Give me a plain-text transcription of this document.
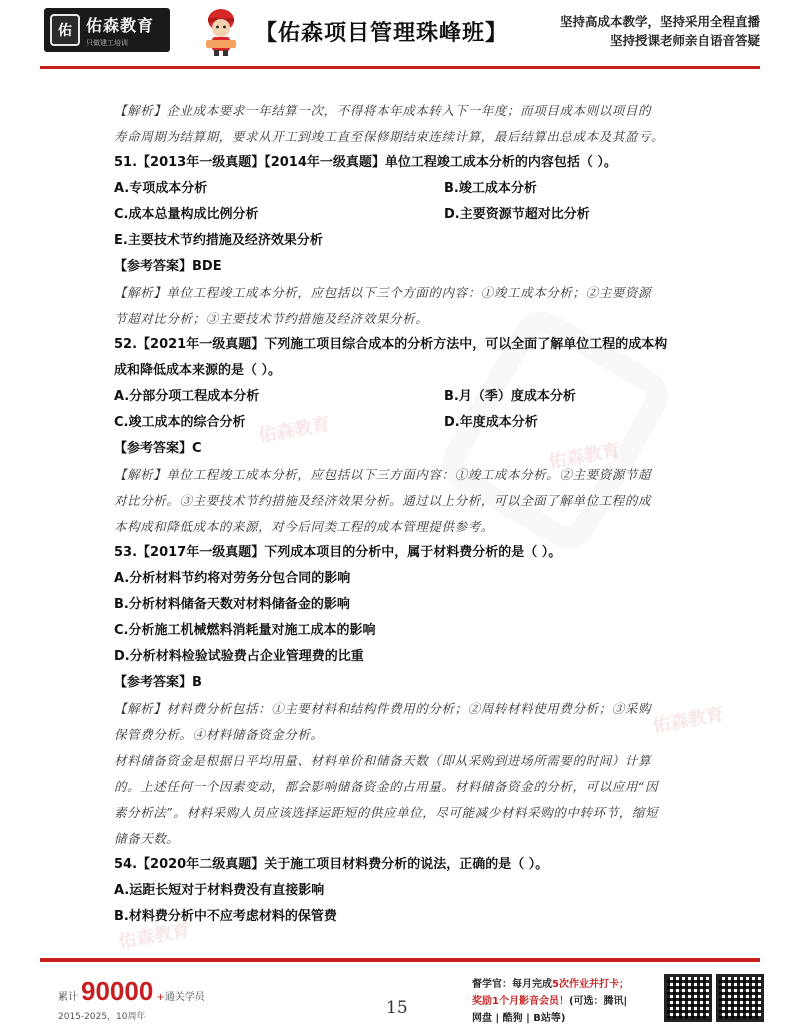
佑 佑森教育
只做建工培训	【佑森项目管理珠峰班】	坚持高成本教学，坚持采用全程直播
坚持授课老师亲自语音答疑
佑森教育
佑森教育
佑森教育
佑森教育
【解析】企业成本要求一年结算一次，不得将本年成本转入下一年度；而项目成本则以项目的
寿命周期为结算期，要求从开工到竣工直至保修期结束连续计算，最后结算出总成本及其盈亏。
51.【2013年一级真题】【2014年一级真题】单位工程竣工成本分析的内容包括（ ）。
A.专项成本分析	B.竣工成本分析
C.成本总量构成比例分析	D.主要资源节超对比分析
E.主要技术节约措施及经济效果分析
【参考答案】BDE
【解析】单位工程竣工成本分析，应包括以下三个方面的内容：①竣工成本分析；②主要资源
节超对比分析；③主要技术节约措施及经济效果分析。
52.【2021年一级真题】下列施工项目综合成本的分析方法中，可以全面了解单位工程的成本构
成和降低成本来源的是（ ）。
A.分部分项工程成本分析	B.月（季）度成本分析
C.竣工成本的综合分析	D.年度成本分析
【参考答案】C
【解析】单位工程竣工成本分析，应包括以下三方面内容：①竣工成本分析。②主要资源节超
对比分析。③主要技术节约措施及经济效果分析。通过以上分析，可以全面了解单位工程的成
本构成和降低成本的来源，对今后同类工程的成本管理提供参考。
53.【2017年一级真题】下列成本项目的分析中，属于材料费分析的是（ ）。
A.分析材料节约将对劳务分包合同的影响
B.分析材料储备天数对材料储备金的影响
C.分析施工机械燃料消耗量对施工成本的影响
D.分析材料检验试验费占企业管理费的比重
【参考答案】B
【解析】材料费分析包括：①主要材料和结构件费用的分析；②周转材料使用费分析；③采购
保管费分析。④材料储备资金分析。
材料储备资金是根据日平均用量、材料单价和储备天数（即从采购到进场所需要的时间）计算
的。上述任何一个因素变动，都会影响储备资金的占用量。材料储备资金的分析，可以应用“因
素分析法”。材料采购人员应该选择运距短的供应单位，尽可能减少材料采购的中转环节，缩短
储备天数。
54.【2020年二级真题】关于施工项目材料费分析的说法，正确的是（ ）。
A.运距长短对于材料费没有直接影响
B.材料费分析中不应考虑材料的保管费
累计 90000 + 通关学员
2015-2025，10周年	15
督学官：每月完成5次作业并打卡；
奖励1个月影音会员！(可选：腾讯|
网盘 | 酷狗 | B站等)
